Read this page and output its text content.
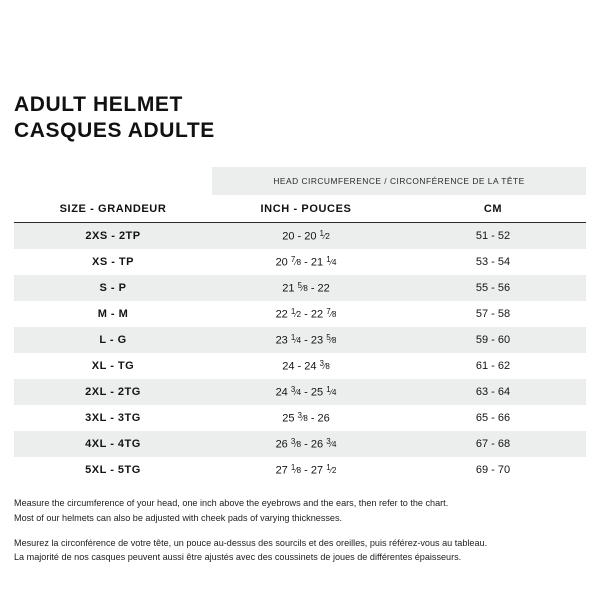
ADULT HELMET
CASQUES ADULTE
	HEAD CIRCUMFERENCE / CIRCONFÉRENCE DE LA TÊTE	
SIZE - GRANDEUR	INCH - POUCES	CM
2XS - 2TP	20 - 20 $^1$⁄2	51 - 52
XS - TP	20 $^7$⁄8 - 21 $^1$⁄4	53 - 54
S - P	21 $^5$⁄8 - 22	55 - 56
M - M	22 $^1$⁄2 - 22 $^7$⁄8	57 - 58
L - G	23 $^1$⁄4 - 23 $^5$⁄8	59 - 60
XL - TG	24 - 24 $^3$⁄8	61 - 62
2XL - 2TG	24 $^3$⁄4 - 25 $^1$⁄4	63 - 64
3XL - 3TG	25 $^3$⁄8 - 26	65 - 66
4XL - 4TG	26 $^3$⁄8 - 26 $^3$⁄4	67 - 68
5XL - 5TG	27 $^1$⁄8 - 27 $^1$⁄2	69 - 70

Measure the circumference of your head, one inch above the eyebrows and the ears, then refer to the chart.

Most of our helmets can also be adjusted with cheek pads of varying thicknesses.

Mesurez la circonférence de votre tête, un pouce au-dessus des sourcils et des oreilles, puis référez-vous au tableau.

La majorité de nos casques peuvent aussi être ajustés avec des coussinets de joues de différentes épaisseurs.
